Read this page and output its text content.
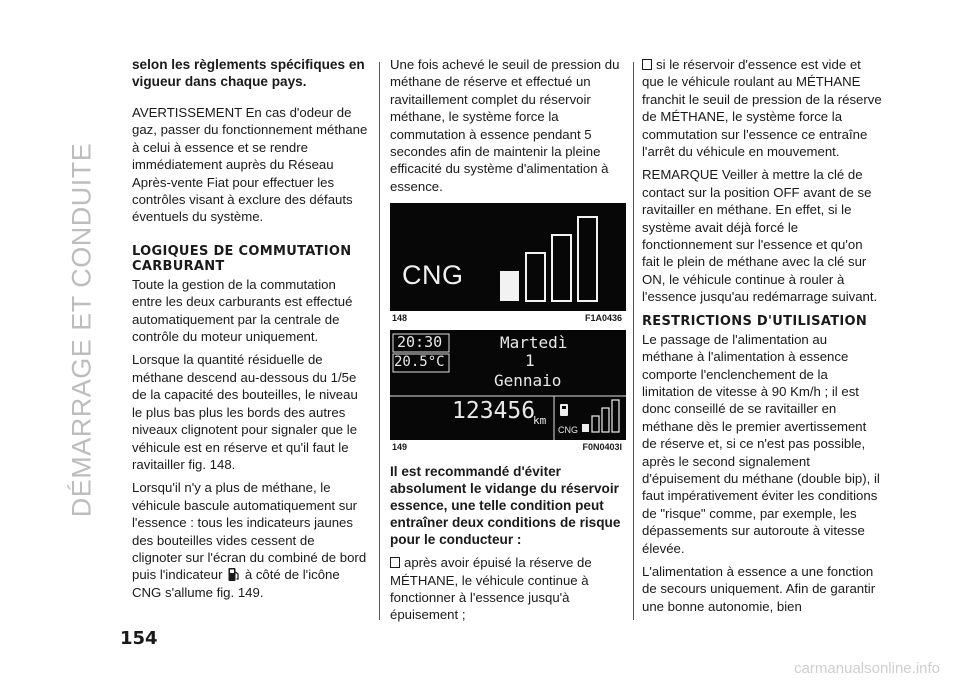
DÉMARRAGE ET CONDUITE

selon les règlements spécifiques en vigueur dans chaque pays.

AVERTISSEMENT En cas d'odeur de gaz, passer du fonctionnement méthane à celui à essence et se rendre immédiatement auprès du Réseau Après-vente Fiat pour effectuer les contrôles visant à exclure des défauts éventuels du système.

LOGIQUES DE COMMUTATION CARBURANT

Toute la gestion de la commutation entre les deux carburants est effectué automatiquement par la centrale de contrôle du moteur uniquement.

Lorsque la quantité résiduelle de méthane descend au-dessous du 1/5e de la capacité des bouteilles, le niveau le plus bas plus les bords des autres niveaux clignotent pour signaler que le véhicule est en réserve et qu'il faut le ravitailler fig. 148.

Lorsqu'il n'y a plus de méthane, le véhicule bascule automatiquement sur l'essence : tous les indicateurs jaunes des bouteilles vides cessent de clignoter sur l'écran du combiné de bord puis l'indicateur à côté de l'icône CNG s'allume fig. 149.

Une fois achevé le seuil de pression du méthane de réserve et effectué un ravitaillement complet du réservoir méthane, le système force la commutation à essence pendant 5 secondes afin de maintenir la pleine efficacité du système d'alimentation à essence.

CNG
148	F1A0436
20:30
20.5°C
Martedì
1
Gennaio
123456
km
CNG
149	F0N0403I

Il est recommandé d'éviter absolument le vidange du réservoir essence, une telle condition peut entraîner deux conditions de risque pour le conducteur :

après avoir épuisé la réserve de MÉTHANE, le véhicule continue à fonctionner à l'essence jusqu'à épuisement ;

si le réservoir d'essence est vide et que le véhicule roulant au MÉTHANE franchit le seuil de pression de la réserve de MÉTHANE, le système force la commutation sur l'essence ce entraîne l'arrêt du véhicule en mouvement.

REMARQUE Veiller à mettre la clé de contact sur la position OFF avant de se ravitailler en méthane. En effet, si le système avait déjà forcé le fonctionnement sur l'essence et qu'on fait le plein de méthane avec la clé sur ON, le véhicule continue à rouler à l'essence jusqu'au redémarrage suivant.

RESTRICTIONS D'UTILISATION

Le passage de l'alimentation au méthane à l'alimentation à essence comporte l'enclenchement de la limitation de vitesse à 90 Km/h ; il est donc conseillé de se ravitailler en méthane dès le premier avertissement de réserve et, si ce n'est pas possible, après le second signalement d'épuisement du méthane (double bip), il faut impérativement éviter les conditions de "risque" comme, par exemple, les dépassements sur autoroute à vitesse élevée.

L'alimentation à essence a une fonction de secours uniquement. Afin de garantir une bonne autonomie, bien

154
carmanualsonline.info
